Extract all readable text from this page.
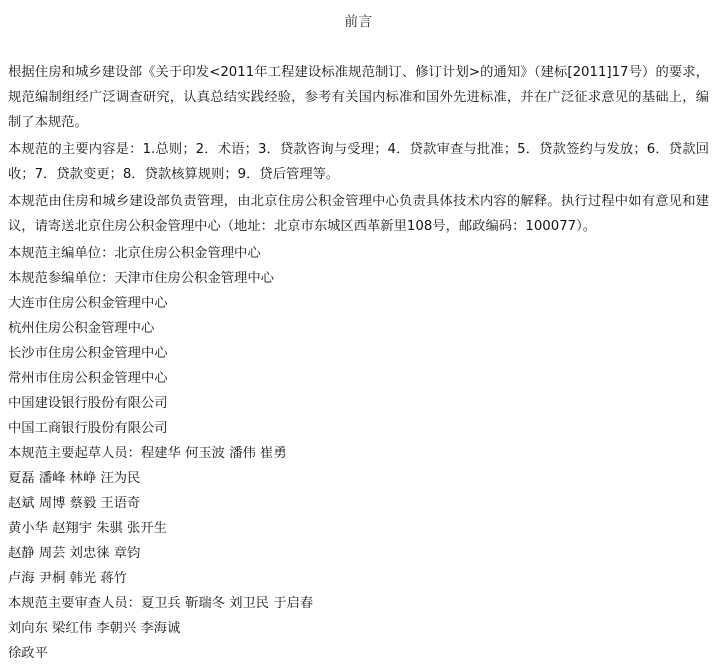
前言

根据住房和城乡建设部《关于印发<2011年工程建设标准规范制订、修订计划>的通知》（建标[2011]17号）的要求，规范编制组经广泛调查研究，认真总结实践经验，参考有关国内标准和国外先进标准，并在广泛征求意见的基础上，编制了本规范。

本规范的主要内容是：1.总则；2．术语；3．贷款咨询与受理；4．贷款审查与批准；5．贷款签约与发放；6．贷款回收；7．贷款变更；8．贷款核算规则；9．贷后管理等。

本规范由住房和城乡建设部负责管理，由北京住房公积金管理中心负责具体技术内容的解释。执行过程中如有意见和建议，请寄送北京住房公积金管理中心（地址：北京市东城区西革新里108号，邮政编码：100077）。

本规范主编单位：北京住房公积金管理中心

本规范参编单位：天津市住房公积金管理中心

大连市住房公积金管理中心

杭州住房公积金管理中心

长沙市住房公积金管理中心

常州市住房公积金管理中心

中国建设银行股份有限公司

中国工商银行股份有限公司

本规范主要起草人员：程建华 何玉波 潘伟 崔勇

夏磊 潘峰 林峥 汪为民

赵斌 周博 蔡毅 王语奇

黄小华 赵翔宇 朱骐 张开生

赵静 周芸 刘忠徕 章钧

卢海 尹桐 韩光 蒋竹

本规范主要审查人员：夏卫兵 靳瑞冬 刘卫民 于启春

刘向东 梁红伟 李朝兴 李海诚

徐政平
